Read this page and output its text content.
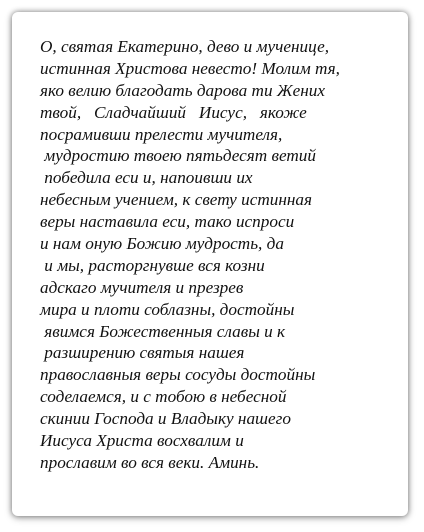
О, святая Екатерино, дево и мученице,
истинная Христова невесто! Молим тя,
яко велию благодать дарова ти Жених
твой,   Сладчайший   Иисус,   якоже
посрамивши прелести мучителя,
мудростию твоею пятьдесят ветий
победила еси и, напоивши их
небесным учением, к свету истинная
веры наставила еси, тако испроси
и нам оную Божию мудрость, да
и мы, расторгнувше вся козни
адскаго мучителя и презрев
мира и плоти соблазны, достойны
явимся Божественныя славы и к
разширению святыя нашея
православныя веры сосуды достойны
соделаемся, и с тобою в небесной
скинии Господа и Владыку нашего
Иисуса Христа восхвалим и
прославим во вся веки. Аминь.
